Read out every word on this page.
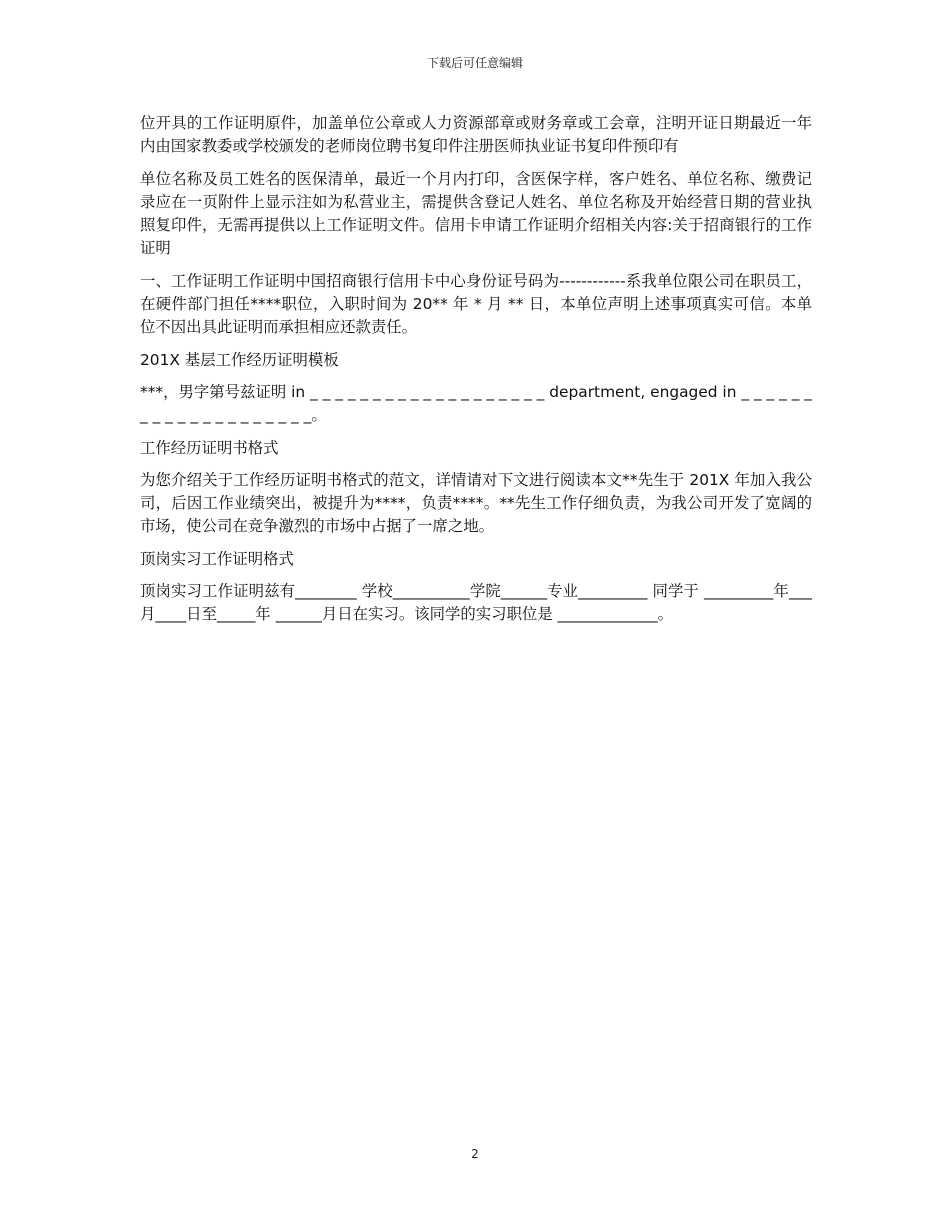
下载后可任意编辑

位开具的工作证明原件，加盖单位公章或人力资源部章或财务章或工会章，注明开证日期最近一年内由国家教委或学校颁发的老师岗位聘书复印件注册医师执业证书复印件预印有

单位名称及员工姓名的医保清单，最近一个月内打印，含医保字样，客户姓名、单位名称、缴费记录应在一页附件上显示注如为私营业主，需提供含登记人姓名、单位名称及开始经营日期的营业执照复印件，无需再提供以上工作证明文件。信用卡申请工作证明介绍相关内容:关于招商银行的工作证明

一、工作证明工作证明中国招商银行信用卡中心身份证号码为------------系我单位限公司在职员工，在硬件部门担任****职位，入职时间为 20** 年 * 月 ** 日，本单位声明上述事项真实可信。本单位不因出具此证明而承担相应还款责任。

201X 基层工作经历证明模板

***，男字第号兹证明 in _ _ _ _ _ _ _ _ _ _ _ _ _ _ _ _ _ _ _ department, engaged in _ _ _ _ _ _ _ _ _ _ _ _ _ _ _ _ _ _ _ _。

工作经历证明书格式

为您介绍关于工作经历证明书格式的范文，详情请对下文进行阅读本文**先生于 201X 年加入我公司，后因工作业绩突出，被提升为****，负责****。**先生工作仔细负责，为我公司开发了宽阔的市场，使公司在竞争激烈的市场中占据了一席之地。

顶岗实习工作证明格式

顶岗实习工作证明兹有________ 学校__________学院______专业_________ 同学于 _________年___月____日至_____年 ______月日在实习。该同学的实习职位是 _____________。

2
